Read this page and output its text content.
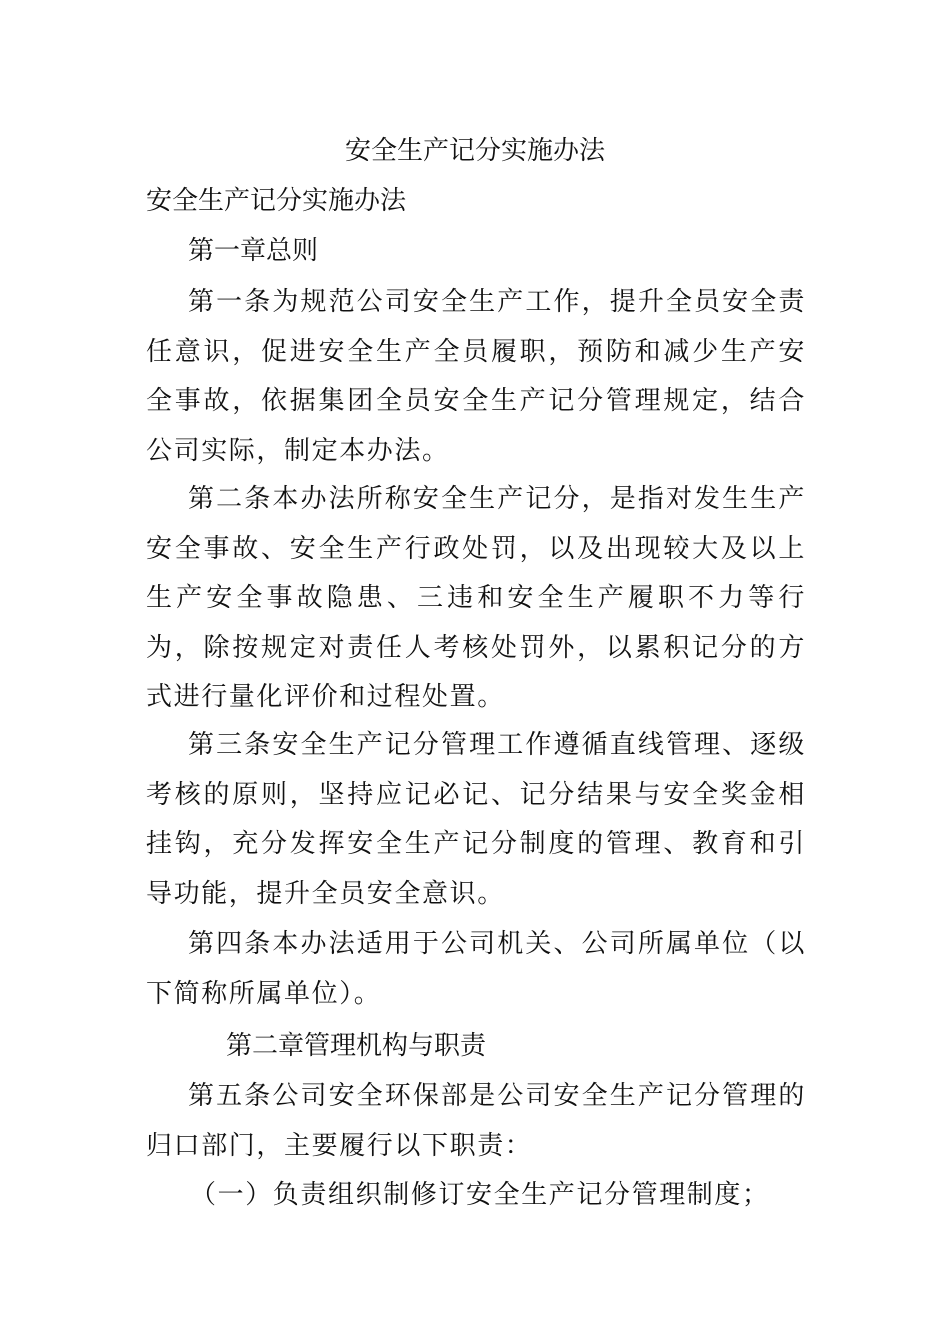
安全生产记分实施办法
安全生产记分实施办法
第一章总则
第一条为规范公司安全生产工作，提升全员安全责任意识，促进安全生产全员履职，预防和减少生产安全事故，依据集团全员安全生产记分管理规定，结合公司实际，制定本办法。
第二条本办法所称安全生产记分，是指对发生生产安全事故、安全生产行政处罚，以及出现较大及以上生产安全事故隐患、三违和安全生产履职不力等行为，除按规定对责任人考核处罚外，以累积记分的方式进行量化评价和过程处置。
第三条安全生产记分管理工作遵循直线管理、逐级考核的原则，坚持应记必记、记分结果与安全奖金相挂钩，充分发挥安全生产记分制度的管理、教育和引导功能，提升全员安全意识。
第四条本办法适用于公司机关、公司所属单位（以下简称所属单位）。
第二章管理机构与职责
第五条公司安全环保部是公司安全生产记分管理的归口部门，主要履行以下职责：
（一）负责组织制修订安全生产记分管理制度；
